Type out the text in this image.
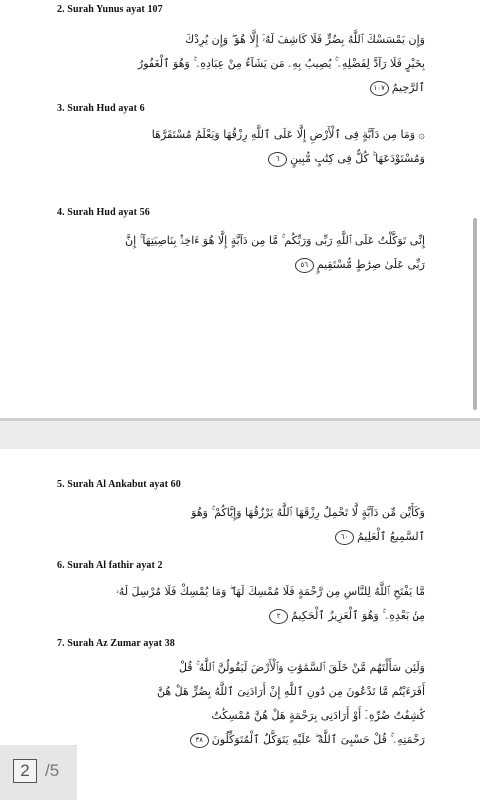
2. Surah Yunus ayat 107
وَإِن يَمْسَسْكَ ٱللَّهُ بِضُرٍّ فَلَا كَاشِفَ لَهُۥٓ إِلَّا هُوَ ۖ وَإِن يُرِدْكَ
بِخَيْرٍ فَلَا رَآدَّ لِفَضْلِهِۦ ۚ يُصِيبُ بِهِۦ مَن يَشَآءُ مِنْ عِبَادِهِۦ ۚ وَهُوَ ٱلْغَفُورُ
ٱلرَّحِيمُ١٠٧
3. Surah Hud ayat 6
۞ وَمَا مِن دَآبَّةٍ فِى ٱلْأَرْضِ إِلَّا عَلَى ٱللَّهِ رِزْقُهَا وَيَعْلَمُ مُسْتَقَرَّهَا
وَمُسْتَوْدَعَهَا ۚ كُلٌّ فِى كِتَٰبٍ مُّبِينٍ٦
4. Surah Hud ayat 56
إِنِّى تَوَكَّلْتُ عَلَى ٱللَّهِ رَبِّى وَرَبِّكُم ۚ مَّا مِن دَآبَّةٍ إِلَّا هُوَ ءَاخِذٌۢ بِنَاصِيَتِهَآ ۚ إِنَّ
رَبِّى عَلَىٰ صِرَٰطٍ مُّسْتَقِيمٍ٥٦
5. Surah Al Ankabut ayat 60
وَكَأَيِّن مِّن دَآبَّةٍ لَّا تَحْمِلُ رِزْقَهَا ٱللَّهُ يَرْزُقُهَا وَإِيَّاكُمْ ۚ وَهُوَ
ٱلسَّمِيعُ ٱلْعَلِيمُ٦٠
6. Surah Al fathir ayat 2
مَّا يَفْتَحِ ٱللَّهُ لِلنَّاسِ مِن رَّحْمَةٍ فَلَا مُمْسِكَ لَهَا ۖ وَمَا يُمْسِكْ فَلَا مُرْسِلَ لَهُۥ
مِنۢ بَعْدِهِۦ ۚ وَهُوَ ٱلْعَزِيزُ ٱلْحَكِيمُ٢
7. Surah Az Zumar ayat 38
وَلَئِن سَأَلْتَهُم مَّنْ خَلَقَ ٱلسَّمَٰوَٰتِ وَٱلْأَرْضَ لَيَقُولُنَّ ٱللَّهُ ۚ قُلْ
أَفَرَءَيْتُم مَّا تَدْعُونَ مِن دُونِ ٱللَّهِ إِنْ أَرَادَنِىَ ٱللَّهُ بِضُرٍّ هَلْ هُنَّ
كَٰشِفَٰتُ ضُرِّهِۦٓ أَوْ أَرَادَنِى بِرَحْمَةٍ هَلْ هُنَّ مُمْسِكَٰتُ
رَحْمَتِهِۦ ۚ قُلْ حَسْبِىَ ٱللَّهُ ۖ عَلَيْهِ يَتَوَكَّلُ ٱلْمُتَوَكِّلُونَ٣٨
2 /5
